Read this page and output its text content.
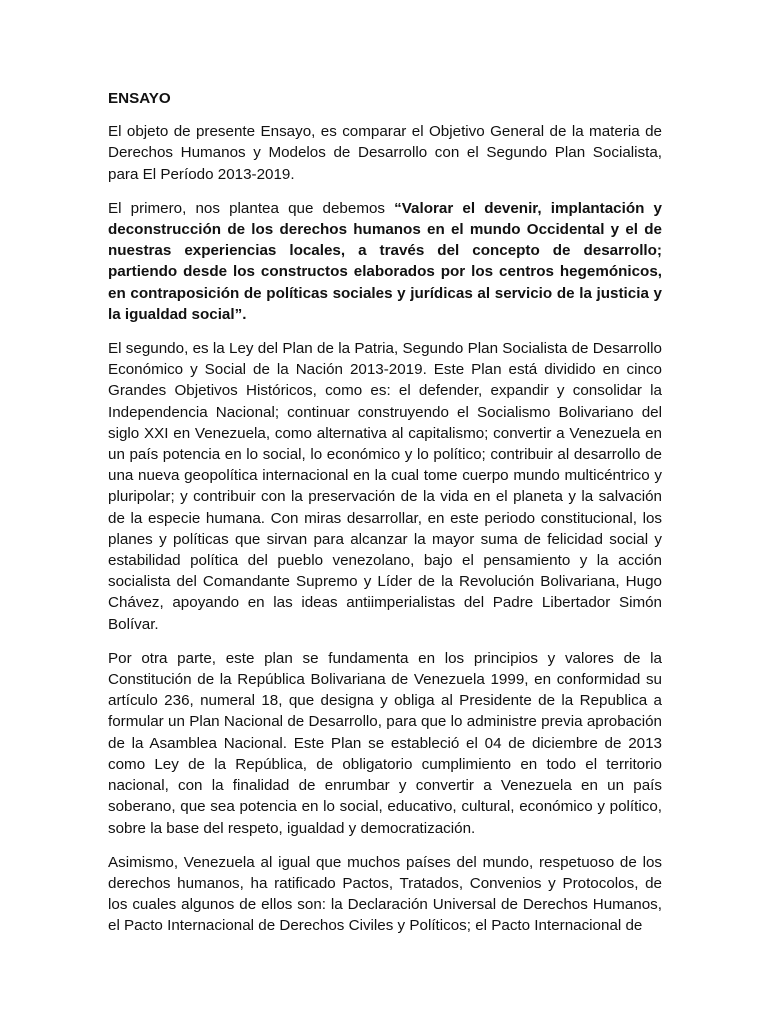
ENSAYO

El objeto de presente Ensayo, es comparar el Objetivo General de la materia de Derechos Humanos y Modelos de Desarrollo con el Segundo Plan Socialista, para El Período 2013-2019.

El primero, nos plantea que debemos “Valorar el devenir, implantación y deconstrucción de los derechos humanos en el mundo Occidental y el de nuestras experiencias locales, a través del concepto de desarrollo; partiendo desde los constructos elaborados por los centros hegemónicos, en contraposición de políticas sociales y jurídicas al servicio de la justicia y la igualdad social”.

El segundo, es la Ley del Plan de la Patria, Segundo Plan Socialista de Desarrollo Económico y Social de la Nación 2013-2019. Este Plan está dividido en cinco Grandes Objetivos Históricos, como es: el defender, expandir y consolidar la Independencia Nacional; continuar construyendo el Socialismo Bolivariano del siglo XXI en Venezuela, como alternativa al capitalismo; convertir a Venezuela en un país potencia en lo social, lo económico y lo político; contribuir al desarrollo de una nueva geopolítica internacional en la cual tome cuerpo mundo multicéntrico y pluripolar; y contribuir con la preservación de la vida en el planeta y la salvación de la especie humana. Con miras desarrollar, en este periodo constitucional, los planes y políticas que sirvan para alcanzar la mayor suma de felicidad social y estabilidad política del pueblo venezolano, bajo el pensamiento y la acción socialista del Comandante Supremo y Líder de la Revolución Bolivariana, Hugo Chávez, apoyando en las ideas antiimperialistas del Padre Libertador Simón Bolívar.

Por otra parte, este plan se fundamenta en los principios y valores de la Constitución de la República Bolivariana de Venezuela 1999, en conformidad su artículo 236, numeral 18, que designa y obliga al Presidente de la Republica a formular un Plan Nacional de Desarrollo, para que lo administre previa aprobación de la Asamblea Nacional. Este Plan se estableció el 04 de diciembre de 2013 como Ley de la República, de obligatorio cumplimiento en todo el territorio nacional, con la finalidad de enrumbar y convertir a Venezuela en un país soberano, que sea potencia en lo social, educativo, cultural, económico y político, sobre la base del respeto, igualdad y democratización.

Asimismo, Venezuela al igual que muchos países del mundo, respetuoso de los derechos humanos, ha ratificado Pactos, Tratados, Convenios y Protocolos, de los cuales algunos de ellos son: la Declaración Universal de Derechos Humanos, el Pacto Internacional de Derechos Civiles y Políticos; el Pacto Internacional de
